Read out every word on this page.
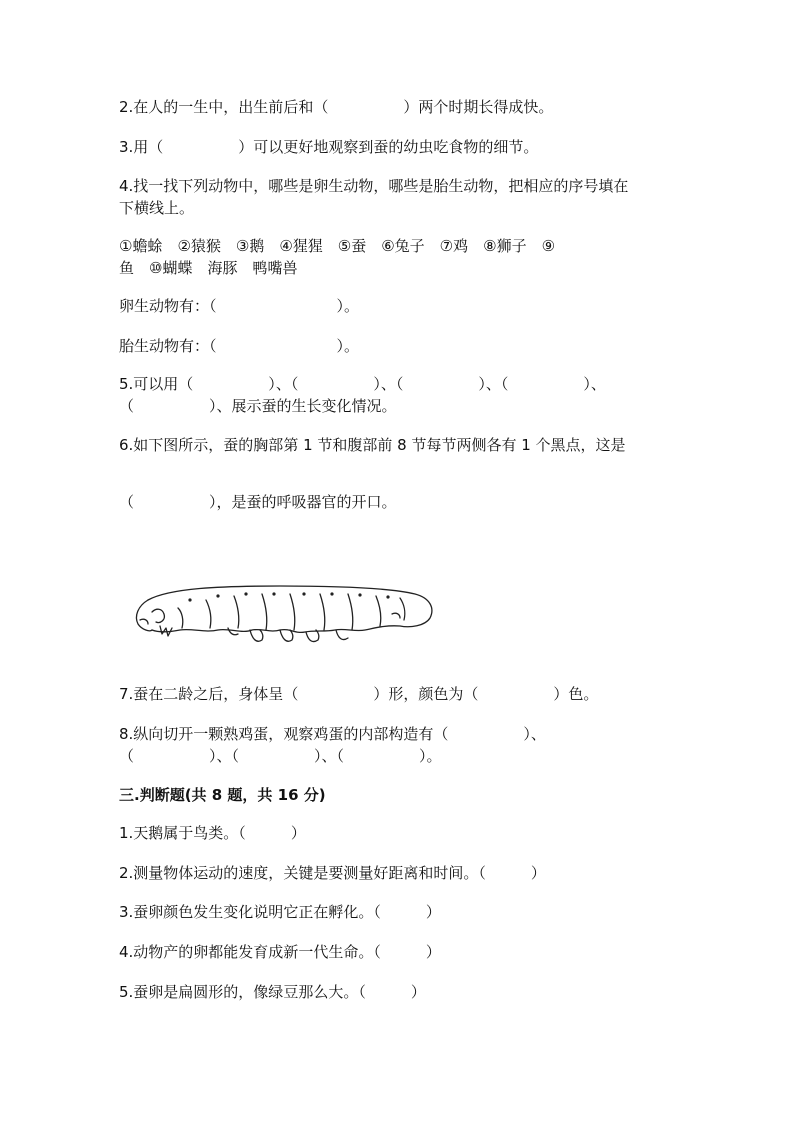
2.在人的一生中，出生前后和（　　　　　）两个时期长得成快。
3.用（　　　　　）可以更好地观察到蚕的幼虫吃食物的细节。
4.找一找下列动物中，哪些是卵生动物，哪些是胎生动物，把相应的序号填在
下横线上。
①蟾蜍　②猿猴　③鹅　④猩猩　⑤蚕　⑥兔子　⑦鸡　⑧狮子　⑨
鱼　⑩蝴蝶　海豚　鸭嘴兽
卵生动物有：（　　　　　　　　）。
胎生动物有：（　　　　　　　　）。
5.可以用（　　　　　）、（　　　　　）、（　　　　　）、（　　　　　）、
（　　　　　）、展示蚕的生长变化情况。
6.如下图所示，蚕的胸部第 1 节和腹部前 8 节每节两侧各有 1 个黑点，这是
（　　　　　），是蚕的呼吸器官的开口。
7.蚕在二龄之后，身体呈（　　　　　）形，颜色为（　　　　　）色。
8.纵向切开一颗熟鸡蛋，观察鸡蛋的内部构造有（　　　　　）、
（　　　　　）、（　　　　　）、（　　　　　）。
三.判断题(共 8 题，共 16 分)
1.天鹅属于鸟类。（　　　）
2.测量物体运动的速度，关键是要测量好距离和时间。（　　　）
3.蚕卵颜色发生变化说明它正在孵化。（　　　）
4.动物产的卵都能发育成新一代生命。（　　　）
5.蚕卵是扁圆形的，像绿豆那么大。（　　　）
